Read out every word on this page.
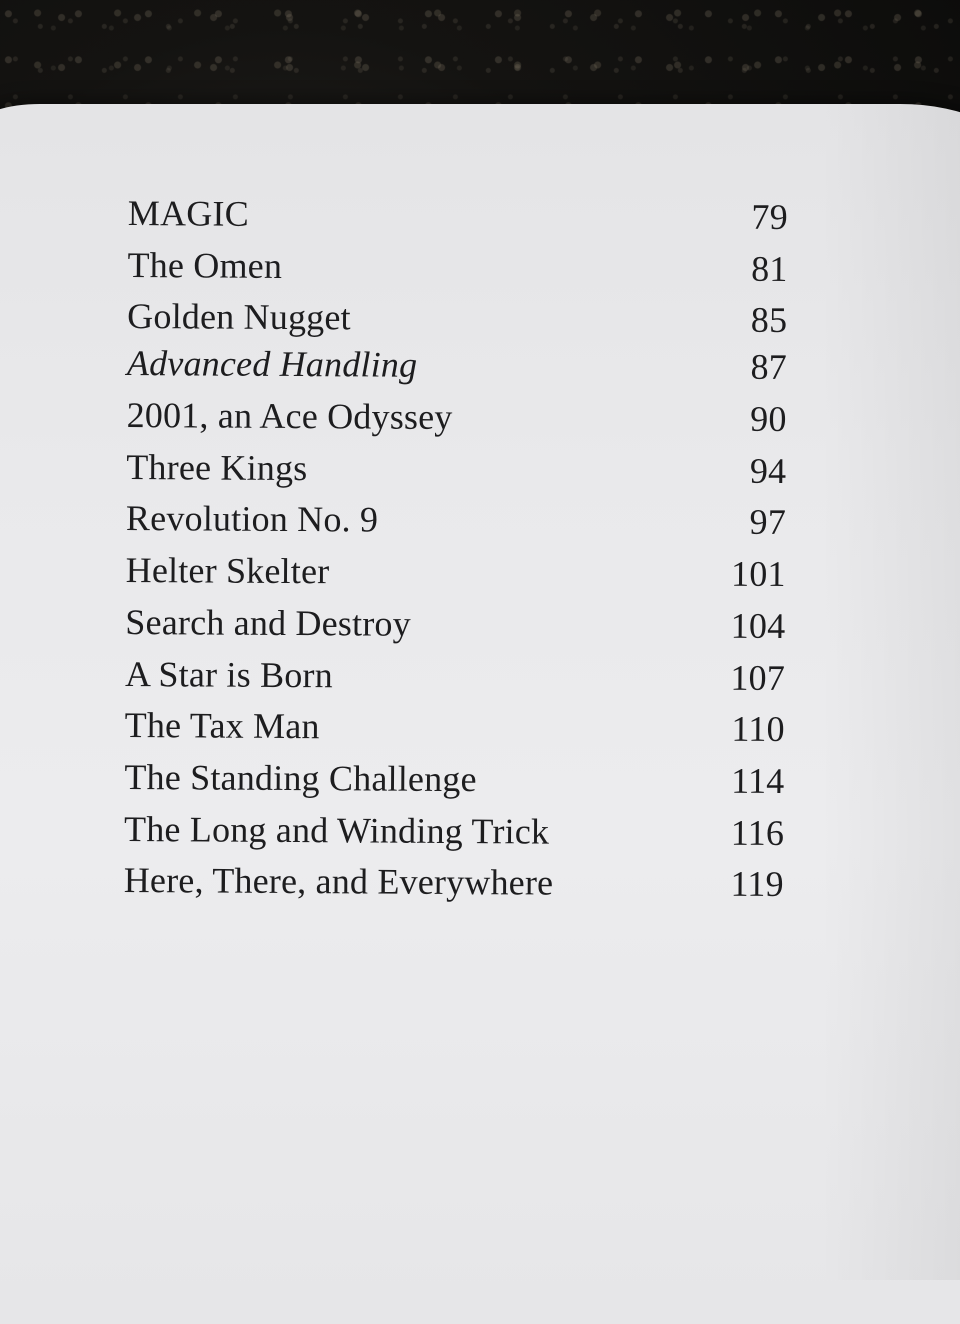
MAGIC	79
The Omen	81
Golden Nugget	85
Advanced Handling	87
2001, an Ace Odyssey	90
Three Kings	94
Revolution No. 9	97
Helter Skelter	101
Search and Destroy	104
A Star is Born	107
The Tax Man	110
The Standing Challenge	114
The Long and Winding Trick	116
Here, There, and Everywhere	119
